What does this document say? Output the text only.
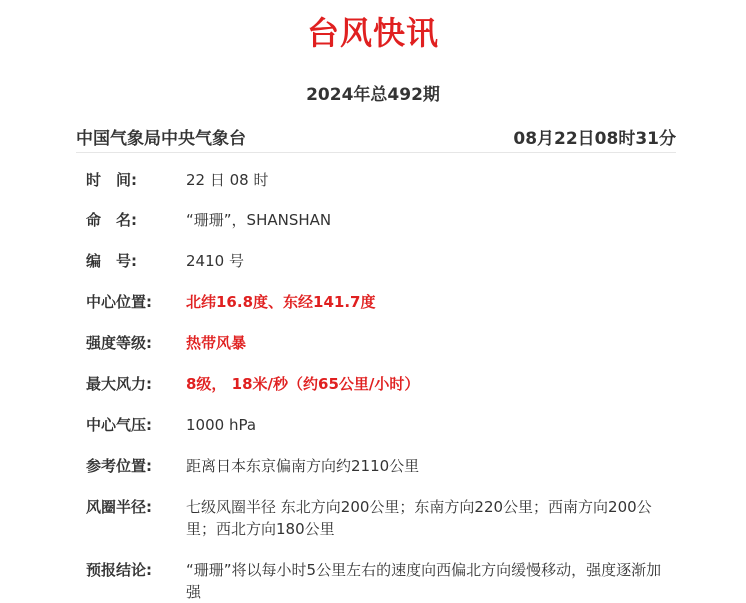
台风快讯
2024年总492期
中国气象局中央气象台	08月22日08时31分
时　间:	22 日 08 时
命　名:	“珊珊”，SHANSHAN
编　号:	2410 号
中心位置:	北纬16.8度、东经141.7度
强度等级:	热带风暴
最大风力:	8级， 18米/秒（约65公里/小时）
中心气压:	1000 hPa
参考位置:	距离日本东京偏南方向约2110公里
风圈半径:	七级风圈半径 东北方向200公里；东南方向220公里；西南方向200公里；西北方向180公里
预报结论:	“珊珊”将以每小时5公里左右的速度向西偏北方向缓慢移动，强度逐渐加强
